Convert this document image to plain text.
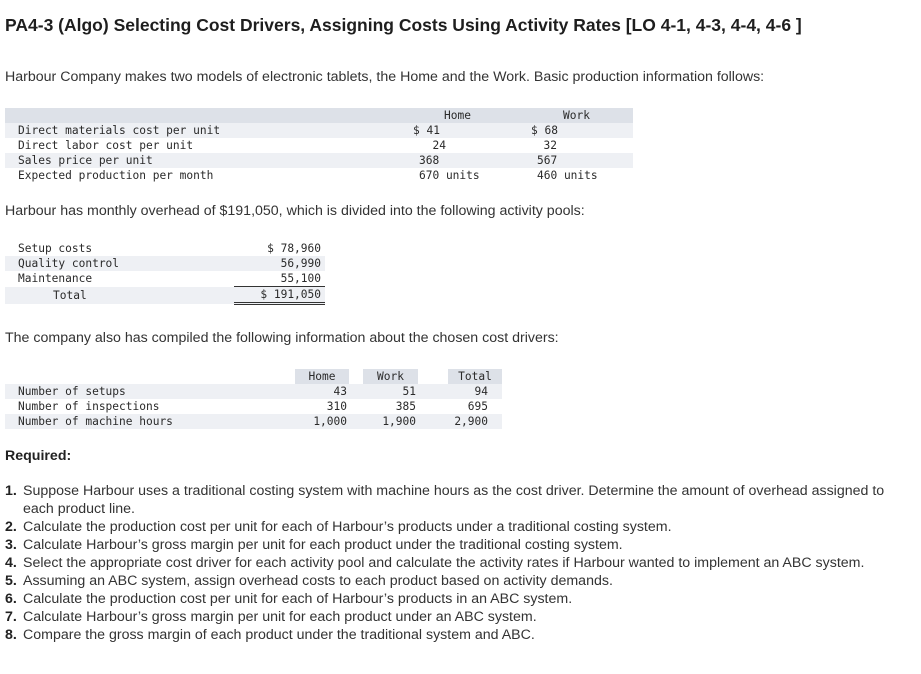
PA4-3 (Algo) Selecting Cost Drivers, Assigning Costs Using Activity Rates [LO 4-1, 4-3, 4-4, 4-6 ]
Harbour Company makes two models of electronic tablets, the Home and the Work. Basic production information follows:
	Home		Work
Direct materials cost per unit	$ 41		$ 68
Direct labor cost per unit	24		32
Sales price per unit	368		567
Expected production per month	670 units		460 units
Harbour has monthly overhead of $191,050, which is divided into the following activity pools:
Setup costs	$ 78,960
Quality control	56,990
Maintenance	55,100
Total	$ 191,050
The company also has compiled the following information about the chosen cost drivers:
	Home		Work		Total
Number of setups	43		51		94
Number of inspections	310		385		695
Number of machine hours	1,000		1,900		2,900
Required:
1. Suppose Harbour uses a traditional costing system with machine hours as the cost driver. Determine the amount of overhead assigned to each product line.
2. Calculate the production cost per unit for each of Harbour’s products under a traditional costing system.
3. Calculate Harbour’s gross margin per unit for each product under the traditional costing system.
4. Select the appropriate cost driver for each activity pool and calculate the activity rates if Harbour wanted to implement an ABC system.
5. Assuming an ABC system, assign overhead costs to each product based on activity demands.
6. Calculate the production cost per unit for each of Harbour’s products in an ABC system.
7. Calculate Harbour’s gross margin per unit for each product under an ABC system.
8. Compare the gross margin of each product under the traditional system and ABC.
